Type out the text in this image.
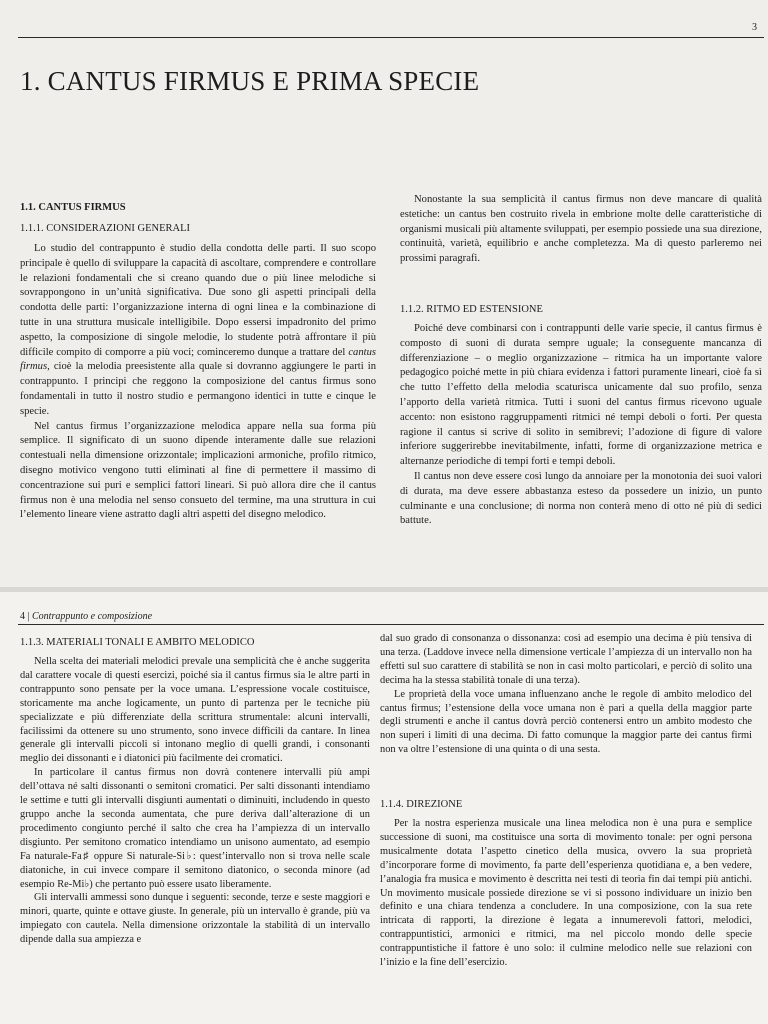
3
1. CANTUS FIRMUS E PRIMA SPECIE
1.1. CANTUS FIRMUS
1.1.1. CONSIDERAZIONI GENERALI

Lo studio del contrappunto è studio della condotta delle parti. Il suo scopo principale è quello di sviluppare la capacità di ascoltare, comprendere e controllare le relazioni fondamentali che si creano quando due o più linee melodiche si sovrappongono in un’unità significativa. Due sono gli aspetti principali della condotta delle parti: l’organizzazione interna di ogni linea e la combinazione di tutte in una struttura musicale intelligibile. Dopo essersi impadronito del primo aspetto, la composizione di singole melodie, lo studente potrà affrontare il più difficile compito di comporre a più voci; cominceremo dunque a trattare del cantus firmus, cioè la melodia preesistente alla quale si dovranno aggiungere le parti in contrappunto. I principi che reggono la composizione del cantus firmus sono fondamentali in tutto il nostro studio e permangono identici in tutte e cinque le specie.

Nel cantus firmus l’organizzazione melodica appare nella sua forma più semplice. Il significato di un suono dipende interamente dalle sue relazioni contestuali nella dimensione orizzontale; implicazioni armoniche, profilo ritmico, disegno motivico vengono tutti eliminati al fine di permettere il massimo di concentrazione sui puri e semplici fattori lineari. Si può allora dire che il cantus firmus non è una melodia nel senso consueto del termine, ma una struttura in cui l’elemento lineare viene astratto dagli altri aspetti del disegno melodico.

Nonostante la sua semplicità il cantus firmus non deve mancare di qualità estetiche: un cantus ben costruito rivela in embrione molte delle caratteristiche di organismi musicali più altamente sviluppati, per esempio possiede una sua direzione, continuità, varietà, equilibrio e anche completezza. Ma di questo parleremo nei prossimi paragrafi.

1.1.2. RITMO ED ESTENSIONE

Poiché deve combinarsi con i contrappunti delle varie specie, il cantus firmus è composto di suoni di durata sempre uguale; la conseguente mancanza di differenziazione – o meglio organizzazione – ritmica ha un importante valore pedagogico poiché mette in più chiara evidenza i fattori puramente lineari, cioè fa sì che tutto l’effetto della melodia scaturisca unicamente dal suo profilo, senza l’apporto della varietà ritmica. Tutti i suoni del cantus firmus ricevono uguale accento: non esistono raggruppamenti ritmici né tempi deboli o forti. Per questa ragione il cantus si scrive di solito in semibrevi; l’adozione di figure di valore inferiore suggerirebbe inevitabilmente, infatti, forme di organizzazione metrica e alternanze periodiche di tempi forti e tempi deboli.

Il cantus non deve essere così lungo da annoiare per la monotonia dei suoi valori di durata, ma deve essere abbastanza esteso da possedere un inizio, un punto culminante e una conclusione; di norma non conterà meno di otto né più di sedici battute.

4 | Contrappunto e composizione
1.1.3. MATERIALI TONALI E AMBITO MELODICO

Nella scelta dei materiali melodici prevale una semplicità che è anche suggerita dal carattere vocale di questi esercizi, poiché sia il cantus firmus sia le altre parti in contrappunto sono pensate per la voce umana. L’espressione vocale costituisce, storicamente ma anche logicamente, un punto di partenza per le tecniche più specializzate e più differenziate della scrittura strumentale: alcuni intervalli, facilissimi da ottenere su uno strumento, sono invece difficili da cantare. In linea generale gli intervalli piccoli si intonano meglio di quelli grandi, i consonanti meglio dei dissonanti e i diatonici più facilmente dei cromatici.

In particolare il cantus firmus non dovrà contenere intervalli più ampi dell’ottava né salti dissonanti o semitoni cromatici. Per salti dissonanti intendiamo le settime e tutti gli intervalli disgiunti aumentati o diminuiti, includendo in questo gruppo anche la seconda aumentata, che pure deriva dall’alterazione di un procedimento congiunto perché il salto che crea ha l’ampiezza di un intervallo disgiunto. Per semitono cromatico intendiamo un unisono aumentato, ad esempio Fa naturale-Fa♯ oppure Si naturale-Si♭: quest’intervallo non si trova nelle scale diatoniche, in cui invece compare il semitono diatonico, o seconda minore (ad esempio Re-Mi♭) che pertanto può essere usato liberamente.

Gli intervalli ammessi sono dunque i seguenti: seconde, terze e seste maggiori e minori, quarte, quinte e ottave giuste. In generale, più un intervallo è grande, più va impiegato con cautela. Nella dimensione orizzontale la stabilità di un intervallo dipende dalla sua ampiezza e

dal suo grado di consonanza o dissonanza: così ad esempio una decima è più tensiva di una terza. (Laddove invece nella dimensione verticale l’ampiezza di un intervallo non ha effetti sul suo carattere di stabilità se non in casi molto particolari, e perciò di solito una decima ha la stessa stabilità tonale di una terza).

Le proprietà della voce umana influenzano anche le regole di ambito melodico del cantus firmus; l’estensione della voce umana non è pari a quella della maggior parte degli strumenti e anche il cantus dovrà perciò contenersi entro un ambito modesto che non superi i limiti di una decima. Di fatto comunque la maggior parte dei cantus firmi non va oltre l’estensione di una quinta o di una sesta.

1.1.4. DIREZIONE

Per la nostra esperienza musicale una linea melodica non è una pura e semplice successione di suoni, ma costituisce una sorta di movimento tonale: per ogni persona musicalmente dotata l’aspetto cinetico della musica, ovvero la sua proprietà d’incorporare forme di movimento, fa parte dell’esperienza quotidiana e, a ben vedere, l’analogia fra musica e movimento è descritta nei testi di teoria fin dai tempi più antichi. Un movimento musicale possiede direzione se vi si possono individuare un inizio ben definito e una chiara tendenza a concludere. In una composizione, con la sua rete intricata di rapporti, la direzione è legata a innumerevoli fattori, melodici, contrappuntistici, armonici e ritmici, ma nel piccolo mondo delle specie contrappuntistiche il fattore è uno solo: il culmine melodico nelle sue relazioni con l’inizio e la fine dell’esercizio.
